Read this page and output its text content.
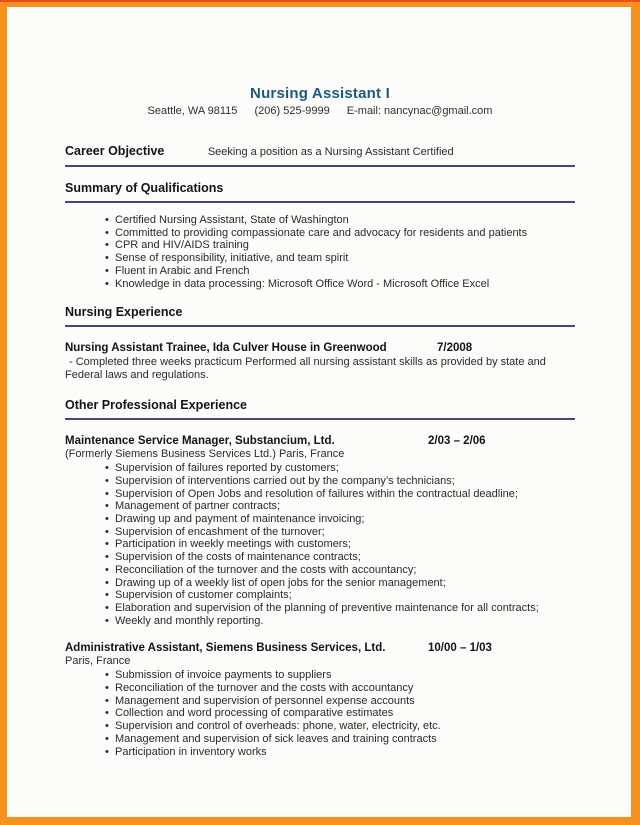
Nursing Assistant I
Seattle, WA 98115 (206) 525-9999 E-mail: nancynac@gmail.com
Career Objective	Seeking a position as a Nursing Assistant Certified
Summary of Qualifications
• Certified Nursing Assistant, State of Washington
• Committed to providing compassionate care and advocacy for residents and patients
• CPR and HIV/AIDS training
• Sense of responsibility, initiative, and team spirit
• Fluent in Arabic and French
• Knowledge in data processing: Microsoft Office Word - Microsoft Office Excel
Nursing Experience
Nursing Assistant Trainee, Ida Culver House in Greenwood	7/2008

- Completed three weeks practicum Performed all nursing assistant skills as provided by state and Federal laws and regulations.

Other Professional Experience
Maintenance Service Manager, Substancium, Ltd.	2/03 – 2/06
(Formerly Siemens Business Services Ltd.) Paris, France
• Supervision of failures reported by customers;
• Supervision of interventions carried out by the company’s technicians;
• Supervision of Open Jobs and resolution of failures within the contractual deadline;
• Management of partner contracts;
• Drawing up and payment of maintenance invoicing;
• Supervision of encashment of the turnover;
• Participation in weekly meetings with customers;
• Supervision of the costs of maintenance contracts;
• Reconciliation of the turnover and the costs with accountancy;
• Drawing up of a weekly list of open jobs for the senior management;
• Supervision of customer complaints;
• Elaboration and supervision of the planning of preventive maintenance for all contracts;
• Weekly and monthly reporting.
Administrative Assistant, Siemens Business Services, Ltd.	10/00 – 1/03
Paris, France
• Submission of invoice payments to suppliers
• Reconciliation of the turnover and the costs with accountancy
• Management and supervision of personnel expense accounts
• Collection and word processing of comparative estimates
• Supervision and control of overheads: phone, water, electricity, etc.
• Management and supervision of sick leaves and training contracts
• Participation in inventory works
